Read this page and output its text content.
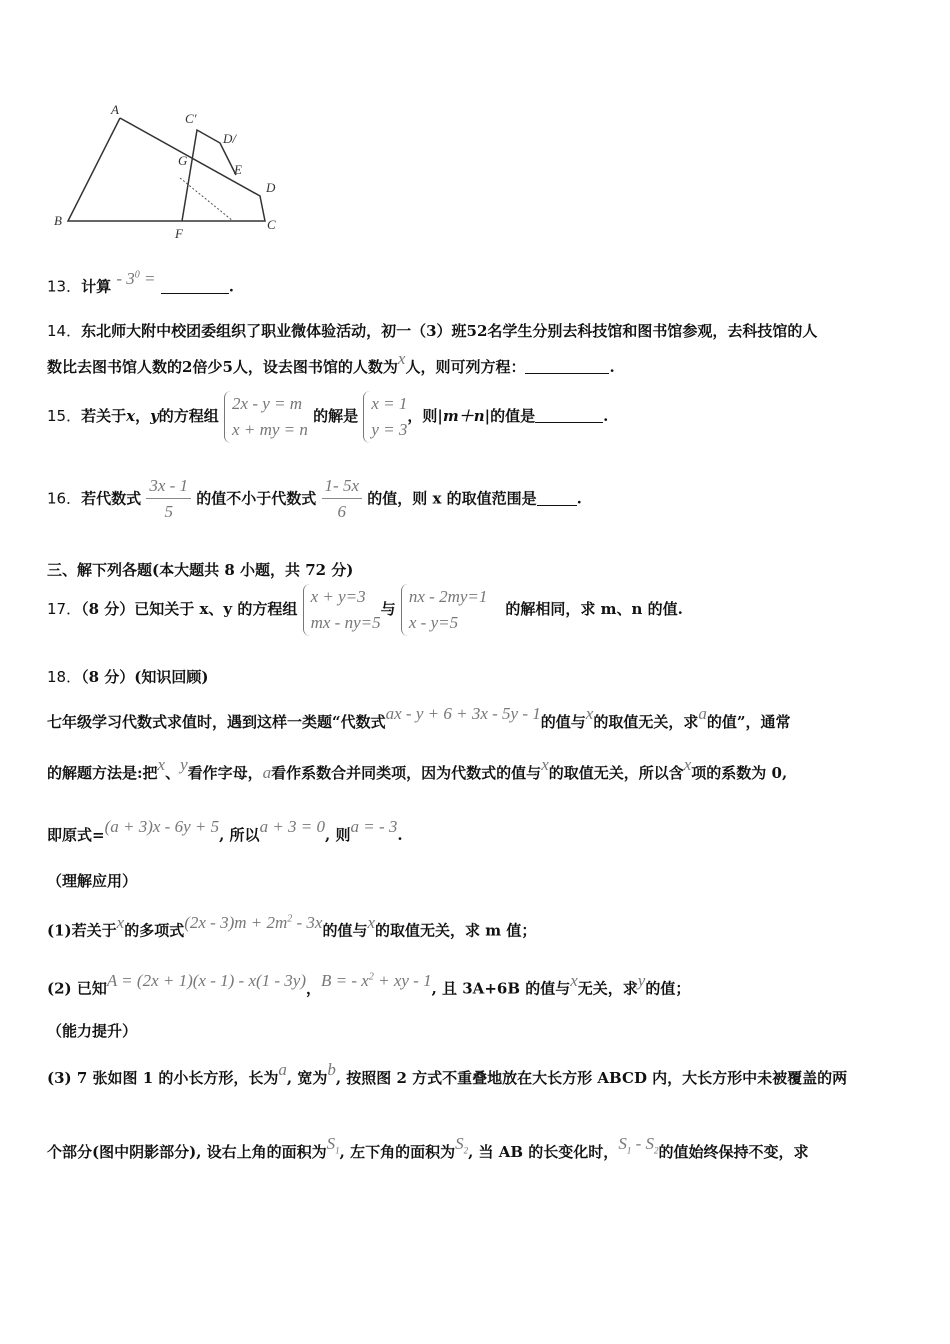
A
B	C
D
E
F
G
C′
D/
13．计算 - $3^0$ =	.
14．东北师大附中校团委组织了职业微体验活动，初一（3）班52名学生分别去科技馆和图书馆参观，去科技馆的人
数比去图书馆人数的2倍少5人，设去图书馆的人数为x人，则可列方程：	.
15．若关于x，y的方程组
2x - y = m
x + my = n
的解是
x = 1
y = 3
，则|m＋n|的值是	.
16．若代数式 $\frac{3x - 1}{5}$ 的值不小于代数式 $\frac{1- 5x}{6}$ 的值，则 x 的取值范围是	.
三、解下列各题(本大题共 8 小题，共 72 分)
17．（8 分）已知关于 x、y 的方程组
x + y=3
mx - ny=5
与
nx - 2my=1
x - y=5
的解相同，求 m、n 的值.
18．（8 分）(知识回顾)
七年级学习代数式求值时，遇到这样一类题“代数式ax - y + 6 + 3x - 5y - 1的值与x的取值无关，求a的值”，通常
的解题方法是:把x、y看作字母，a看作系数合并同类项，因为代数式的值与x的取值无关，所以含x项的系数为 0,
即原式=(a + 3)x - 6y + 5, 所以a + 3 = 0, 则a = - 3.
（理解应用）
(1)若关于x的多项式$(2x - 3)m + 2m^2 - 3x$的值与x的取值无关，求 m 值；
(2) 已知A = (2x + 1)(x - 1) - x(1 - 3y)，B = - $x^2$ + xy - 1, 且 3A+6B 的值与x无关，求y的值；
（能力提升）
(3) 7 张如图 1 的小长方形，长为a, 宽为b, 按照图 2 方式不重叠地放在大长方形 ABCD 内，大长方形中未被覆盖的两
个部分(图中阴影部分), 设右上角的面积为$S_1$, 左下角的面积为$S_2$, 当 AB 的长变化时，$S_1 - S_2$的值始终保持不变，求
